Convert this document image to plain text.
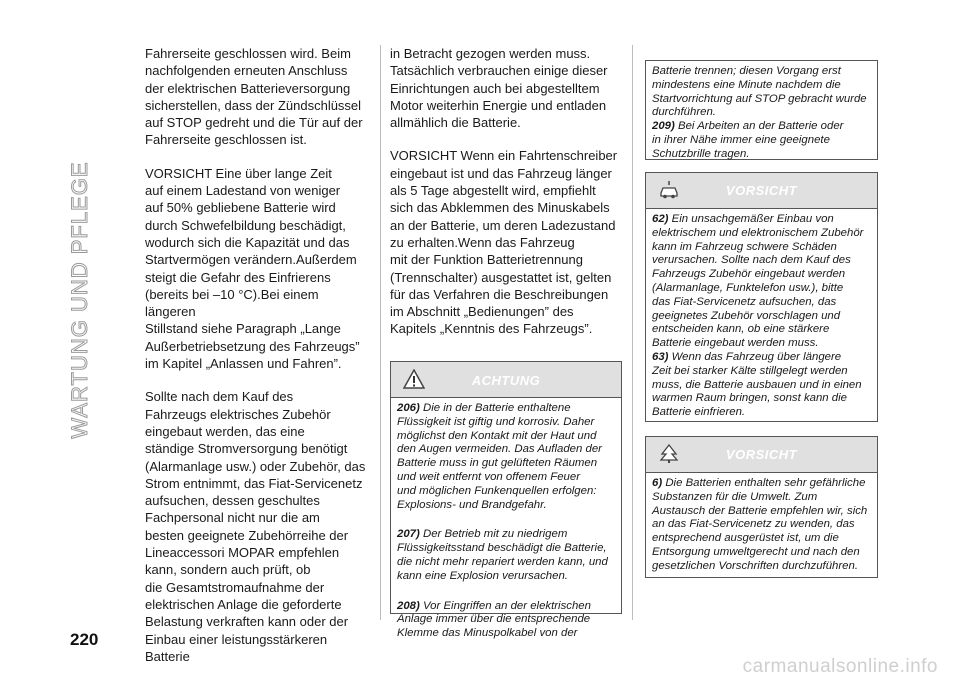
WARTUNG UND PFLEGE

Fahrerseite geschlossen wird. Beim
nachfolgenden erneuten Anschluss
der elektrischen Batterieversorgung
sicherstellen, dass der Zündschlüssel
auf STOP gedreht und die Tür auf der
Fahrerseite geschlossen ist.

VORSICHT Eine über lange Zeit
auf einem Ladestand von weniger
auf 50% gebliebene Batterie wird
durch Schwefelbildung beschädigt,
wodurch sich die Kapazität und das
Startvermögen verändern.Außerdem
steigt die Gefahr des Einfrierens
(bereits bei –10 °C).Bei einem längeren
Stillstand siehe Paragraph „Lange
Außerbetriebsetzung des Fahrzeugs”
im Kapitel „Anlassen und Fahren”.

Sollte nach dem Kauf des
Fahrzeugs elektrisches Zubehör
eingebaut werden, das eine
ständige Stromversorgung benötigt
(Alarmanlage usw.) oder Zubehör, das
Strom entnimmt, das Fiat-Servicenetz
aufsuchen, dessen geschultes
Fachpersonal nicht nur die am
besten geeignete Zubehörreihe der
Lineaccessori MOPAR empfehlen
kann, sondern auch prüft, ob
die Gesamtstromaufnahme der
elektrischen Anlage die geforderte
Belastung verkraften kann oder der
Einbau einer leistungsstärkeren Batterie

in Betracht gezogen werden muss.
Tatsächlich verbrauchen einige dieser
Einrichtungen auch bei abgestelltem
Motor weiterhin Energie und entladen
allmählich die Batterie.

VORSICHT Wenn ein Fahrtenschreiber
eingebaut ist und das Fahrzeug länger
als 5 Tage abgestellt wird, empfiehlt
sich das Abklemmen des Minuskabels
an der Batterie, um deren Ladezustand
zu erhalten.Wenn das Fahrzeug
mit der Funktion Batterietrennung
(Trennschalter) ausgestattet ist, gelten
für das Verfahren die Beschreibungen
im Abschnitt „Bedienungen” des
Kapitels „Kenntnis des Fahrzeugs”.

ACHTUNG

206) Die in der Batterie enthaltene
Flüssigkeit ist giftig und korrosiv. Daher
möglichst den Kontakt mit der Haut und
den Augen vermeiden. Das Aufladen der
Batterie muss in gut gelüfteten Räumen
und weit entfernt von offenem Feuer
und möglichen Funkenquellen erfolgen:
Explosions- und Brandgefahr.

207) Der Betrieb mit zu niedrigem
Flüssigkeitsstand beschädigt die Batterie,
die nicht mehr repariert werden kann, und
kann eine Explosion verursachen.

208) Vor Eingriffen an der elektrischen
Anlage immer über die entsprechende
Klemme das Minuspolkabel von der

Batterie trennen; diesen Vorgang erst
mindestens eine Minute nachdem die
Startvorrichtung auf STOP gebracht wurde
durchführen.

209) Bei Arbeiten an der Batterie oder
in ihrer Nähe immer eine geeignete
Schutzbrille tragen.

VORSICHT

62) Ein unsachgemäßer Einbau von
elektrischem und elektronischem Zubehör
kann im Fahrzeug schwere Schäden
verursachen. Sollte nach dem Kauf des
Fahrzeugs Zubehör eingebaut werden
(Alarmanlage, Funktelefon usw.), bitte
das Fiat-Servicenetz aufsuchen, das
geeignetes Zubehör vorschlagen und
entscheiden kann, ob eine stärkere
Batterie eingebaut werden muss.

63) Wenn das Fahrzeug über längere
Zeit bei starker Kälte stillgelegt werden
muss, die Batterie ausbauen und in einen
warmen Raum bringen, sonst kann die
Batterie einfrieren.

VORSICHT

6) Die Batterien enthalten sehr gefährliche
Substanzen für die Umwelt. Zum
Austausch der Batterie empfehlen wir, sich
an das Fiat-Servicenetz zu wenden, das
entsprechend ausgerüstet ist, um die
Entsorgung umweltgerecht und nach den
gesetzlichen Vorschriften durchzuführen.

220
carmanualsonline.info
